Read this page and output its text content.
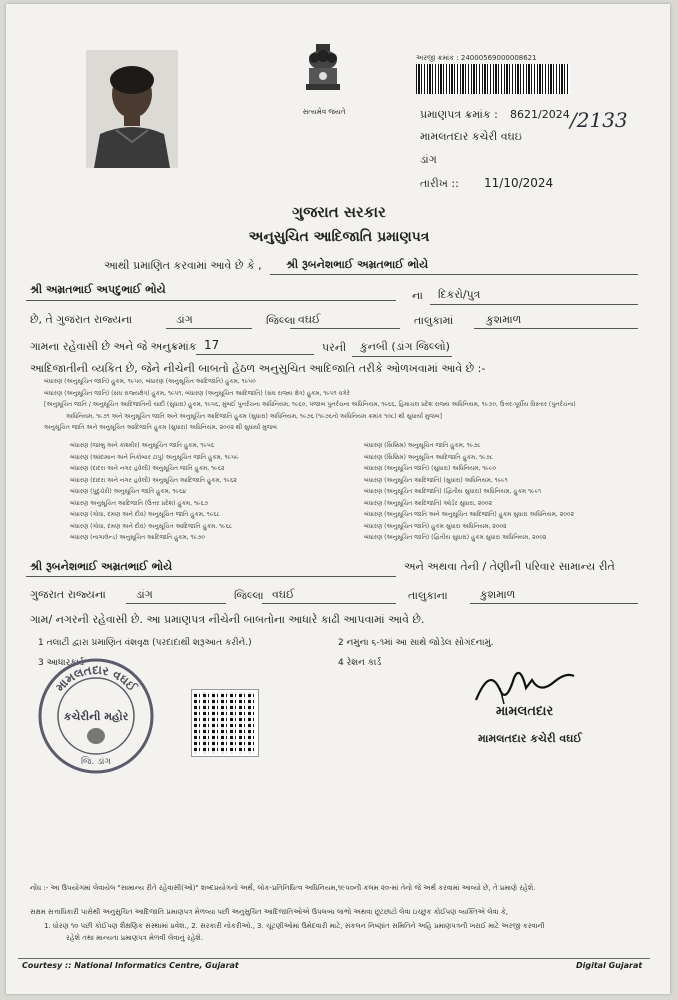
સત્યમેવ જયતે
અરજી ક્રમાંક : 24000569000008621
પ્રમાણપત્ર ક્રમાંક : 8621/2024 /2133
મામલતદાર કચેરી વઘઇ
ડાંગ
તારીખ :: 11/10/2024
ગુજરાત સરકાર
અનુસુચિત આદિજાતિ પ્રમાણપત્ર
આથી પ્રમાણિત કરવામાં આવે છે કે , શ્રી રૂબનેશભાઈ અમ્રતભાઈ ભોયે
શ્રી અમ્રતભાઈ અપદુભાઈ ભોયે	ના દિકરો/પુત્ર
છે, તે ગુજરાત રાજ્યના	ડાંગ	જિલ્લા વઘઈ	તાલુકામાં	કુશમાળ
ગામના રહેવાસી છે અને જે અનુક્રમાંક 17	પરની કુનબી (ડાંગ જિલ્લો)
આદિજાતીની વ્યકિત છે, જેને નીચેની બાબતો હેઠળ અનુસુચિત આદિજાતિ તરીકે ઓળખવામાં આવે છે :-
બંધારણ (અનુસૂચિત જાતિ) હુકમ, ૧૯૫૦, બંધારણ (અનુસૂચિત આદિજાતિ) હુકમ, ૧૯૫૦
બંધારણ (અનુસૂચિત જાતિ) (સંઘ રાજ્યક્ષેત્ર) હુકમ, ૧૯૫૧, બંધારણ (અનુસૂચિત આદિજાતિ) (સંઘ રાજ્ય ક્ષેત્ર) હુકમ, ૧૯૫૧ વગેરે
[અનુસૂચિત જાતિ / અનુસૂચિત આદિજાતિની યાદી (સુધારા) હુકમ, ૧૯૫૬, મુંબઈ પુનર્રચના અધિનિયમ, ૧૯૬૦, પંજાબ પુનર્રચના અધિનિયમ, ૧૯૬૬, હિમાચલ પ્રદેશ રાજ્ય અધિનિયમ, ૧૯૭૦, ઉત્તર-પૂર્વીય વિસ્તાર (પુનર્રચના)
અધિનિયમ, ૧૯૭૧ અને અનુસૂચિત જાતિ અને અનુસૂચિત આદિજાતિ હુકમ (સુધારા) અધિનિયમ, ૧૯૭૬ (૧૯૭૬નો અધિનિયમ ક્રમાંક ૧૦૮) થી સુધાર્યા મુજબ]
અનુસૂચિત જાતિ અને અનુસૂચિત આદિજાતિ હુકમ (સુધારા) અધિનિયમ, ૨૦૦૨ થી સુધાર્યા મુજબ
બંધારણ (જમ્મુ અને કાશ્મીર) અનુસૂચિત જાતિ હુકમ, ૧૯૫૬
બંધારણ (આંદામાન અને નિકોબાર ટાપુ) અનુસૂચિત જાતિ હુકમ, ૧૯૫૯
બંધારણ (દાદરા અને નગર હવેલી) અનુસૂચિત જાતિ હુકમ, ૧૯૬૨
બંધારણ (દાદરા અને નગર હવેલી) અનુસૂચિત આદિજાતિ હુકમ, ૧૯૬૨
બંધારણ (પુદુચેરી) અનુસૂચિત જાતિ હુકમ, ૧૯૬૪
બંધારણ અનુસૂચિત આદિજાતિ (ઉત્તર પ્રદેશ) હુકમ, ૧૯૬૭
બંધારણ (ગોવા, દમણ અને દીવ) અનુસૂચિત જાતિ હુકમ, ૧૯૬૮
બંધારણ (ગોવા, દમણ અને દીવ) અનુસૂચિત આદિજાતિ હુકમ, ૧૯૬૮
બંધારણ (નાગાલેન્ડ) અનુસૂચિત આદિજાતિ હુકમ, ૧૯૭૦
બંધારણ (સિક્કિમ) અનુસૂચિત જાતિ હુકમ, ૧૯૭૮
બંધારણ (સિક્કિમ) અનુસૂચિત આદિજાતિ હુકમ, ૧૯૭૮
બંધારણ (અનુસૂચિત જાતિ) (સુધારા) અધિનિયમ, ૧૯૯૦
બંધારણ (અનુસૂચિત આદિજાતિ) (સુધારા) અધિનિયમ, ૧૯૯૧
બંધારણ (અનુસૂચિત આદિજાતિ) (દ્વિતીય સુધારા) અધિનિયમ, હુકમ ૧૯૯૧
બંધારણ (અનુસૂચિત આદિજાતિ) ઓર્ડર સુધારા, ૨૦૦૨
બંધારણ (અનુસૂચિત જાતિ અને અનુસૂચિત આદિજાતિ) હુકમ સુધારા અધિનિયમ, ૨૦૦૨
બંધારણ (અનુસૂચિત જાતિ) હુકમ સુધારા અધિનિયમ, ૨૦૦૨
બંધારણ (અનુસૂચિત જાતિ) (દ્વિતીય સુધારા) હુકમ સુધારા અધિનિયમ, ૨૦૦૨
શ્રી રૂબનેશભાઈ અમ્રતભાઈ ભોયે	અને અથવા તેની / તેણીની પરિવાર સામાન્ય રીતે
ગુજરાત રાજ્યના	ડાંગ	જિલ્લા વઘઈ	તાલુકાના	કુશમાળ
ગામ/ નગરની રહેવાસી છે. આ પ્રમાણપત્ર નીચેની બાબતોના આધારે કાઢી આપવામાં આવે છે.
1 તલાટી દ્વારા પ્રમાણિત વંશવૃક્ષ (પરદાદાથી શરૂઆત કરીને.)	2 નમુના ૬-૧માં આ સાથે જોડેલ સોગંદનામું.
3 આધારકાર્ડ	4 રેશન કાર્ડ
મામલતદાર વઘઈ
કચેરીની મહોર
જિ. ડાંગ
મામલતદાર
મામલતદાર કચેરી વઘઈ
નોંધ :- આ ઉપયોગમાં લેવાયેલ "સામાન્ય રીતે રહેવાસી(ઓ)" શબ્દપ્રયોગનો અર્થ, લોક-પ્રતિનિધિત્વ અધિનિયમ,૧૯૫૦ની કલમ ૨૦-માં તેનો જે અર્થ કરવામાં આવ્યો છે, તે પ્રમાણે રહેશે.
સક્ષમ સત્તાધિકારી પાસેથી અનુસુચિત આદિજાતિ પ્રમાણપત્ર મેળવ્યા પછી અનુસુચિત આદિજાતિઓએ ઉપલબ્ધ લાભો અથવા છૂટછાટો લેવા ઇચ્છુક કોઈપણ વ્યક્તિએ લેવા કે,
1. ધોરણ ૧૦ પછી કોઈપણ શૈક્ષણિક સંસ્થામાં પ્રવેશ., 2. સરકારી નોકરીઓ., 3. ચૂંટણીઓમાં ઉમેદવારી માટે, સંકલન નિષ્ણાંત સમિતિને અહિ પ્રમાણપત્રની ખરાઈ માટે અરજી કરવાની
રહેશે તથા માન્યતા પ્રમાણપત્ર મેળવી લેવાનું રહેશે.
Courtesy :: National Informatics Centre, Gujarat	Digital Gujarat
